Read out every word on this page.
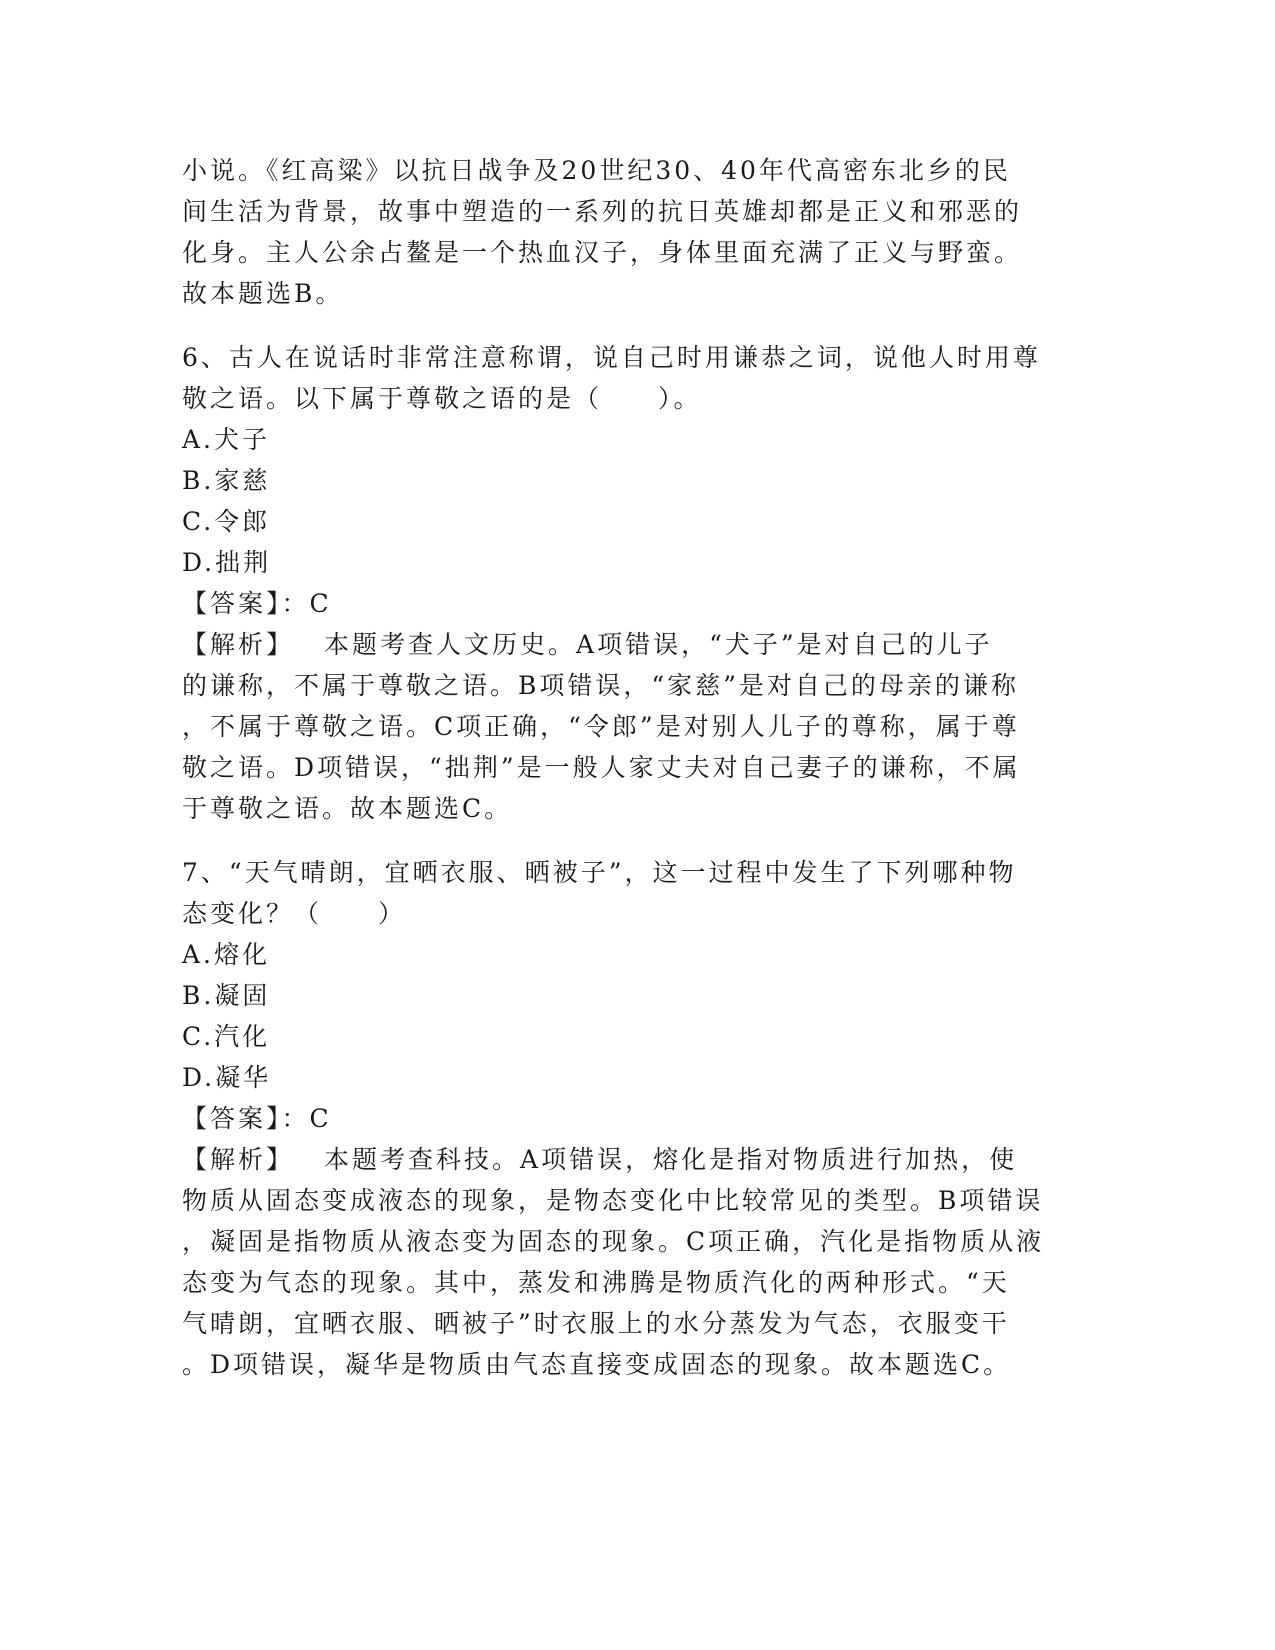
小说。《红高粱》以抗日战争及20世纪30、40年代高密东北乡的民
间生活为背景，故事中塑造的一系列的抗日英雄却都是正义和邪恶的
化身。主人公余占鳌是一个热血汉子，身体里面充满了正义与野蛮。
故本题选B。
6、古人在说话时非常注意称谓，说自己时用谦恭之词，说他人时用尊
敬之语。以下属于尊敬之语的是（　　）。
A.犬子
B.家慈
C.令郎
D.拙荆
【答案】：C
【解析】 本题考查人文历史。A项错误，“犬子”是对自己的儿子
的谦称，不属于尊敬之语。B项错误，“家慈”是对自己的母亲的谦称
，不属于尊敬之语。C项正确，“令郎”是对别人儿子的尊称，属于尊
敬之语。D项错误，“拙荆”是一般人家丈夫对自己妻子的谦称，不属
于尊敬之语。故本题选C。
7、“天气晴朗，宜晒衣服、晒被子”，这一过程中发生了下列哪种物
态变化？（　　）
A.熔化
B.凝固
C.汽化
D.凝华
【答案】：C
【解析】 本题考查科技。A项错误，熔化是指对物质进行加热，使
物质从固态变成液态的现象，是物态变化中比较常见的类型。B项错误
，凝固是指物质从液态变为固态的现象。C项正确，汽化是指物质从液
态变为气态的现象。其中，蒸发和沸腾是物质汽化的两种形式。“天
气晴朗，宜晒衣服、晒被子”时衣服上的水分蒸发为气态，衣服变干
。D项错误，凝华是物质由气态直接变成固态的现象。故本题选C。
